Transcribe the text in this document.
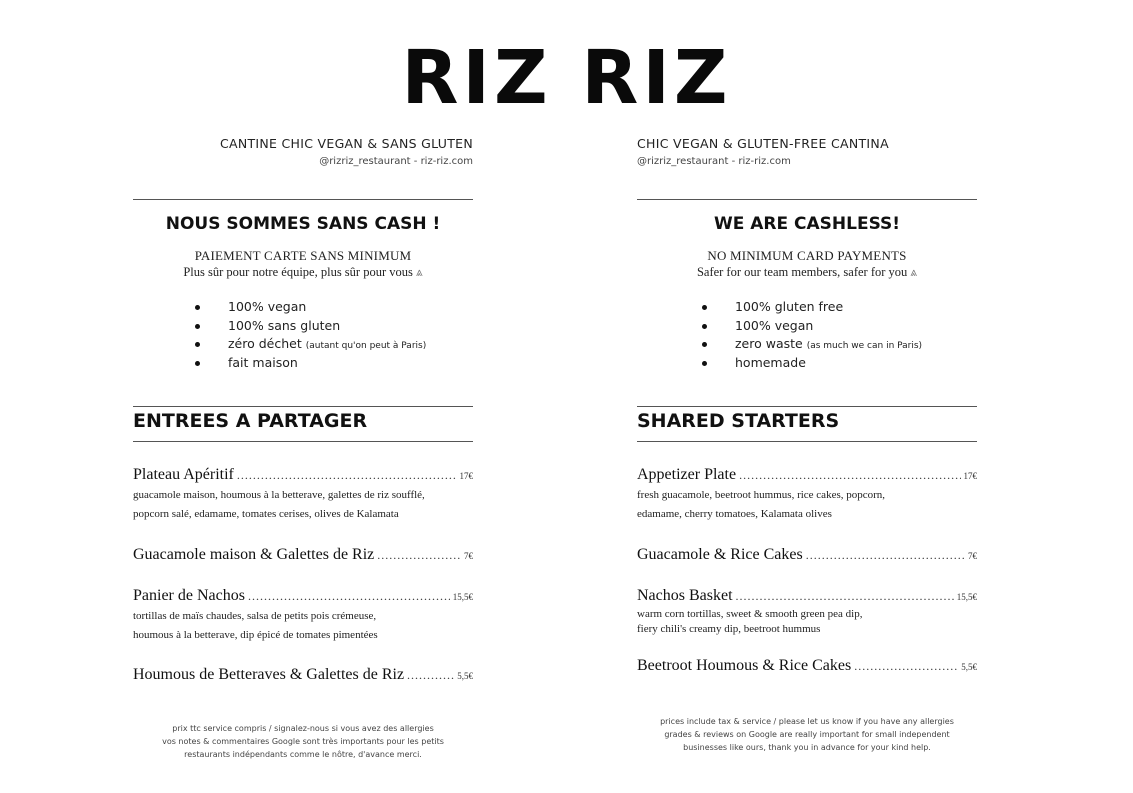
RIZ RIZ
CANTINE CHIC VEGAN & SANS GLUTEN
@rizriz_restaurant - riz-riz.com
NOUS SOMMES SANS CASH !
PAIEMENT CARTE SANS MINIMUM
Plus sûr pour notre équipe, plus sûr pour vous ⩓
100% vegan
100% sans gluten
zéro déchet (autant qu'on peut à Paris)
fait maison
ENTREES A PARTAGER
Plateau Apéritif .....	17€
guacamole maison, houmous à la betterave, galettes de riz soufflé,
popcorn salé, edamame, tomates cerises, olives de Kalamata
Guacamole maison & Galettes de Riz .....	7€
Panier de Nachos .....	15,5€
tortillas de maïs chaudes, salsa de petits pois crémeuse,
houmous à la betterave, dip épicé de tomates pimentées
Houmous de Betteraves & Galettes de Riz .....	5,5€
prix ttc service compris / signalez-nous si vous avez des allergies
vos notes & commentaires Google sont très importants pour les petits
restaurants indépendants comme le nôtre, d'avance merci.
CHIC VEGAN & GLUTEN-FREE CANTINA
@rizriz_restaurant - riz-riz.com
WE ARE CASHLESS!
NO MINIMUM CARD PAYMENTS
Safer for our team members, safer for you ⩓
100% gluten free
100% vegan
zero waste (as much we can in Paris)
homemade
SHARED STARTERS
Appetizer Plate .....	17€
fresh guacamole, beetroot hummus, rice cakes, popcorn,
edamame, cherry tomatoes, Kalamata olives
Guacamole & Rice Cakes .....	7€
Nachos Basket .....	15,5€
warm corn tortillas, sweet & smooth green pea dip,
fiery chili's creamy dip, beetroot hummus
Beetroot Houmous & Rice Cakes .....	5,5€
prices include tax & service / please let us know if you have any allergies
grades & reviews on Google are really important for small independent
businesses like ours, thank you in advance for your kind help.
